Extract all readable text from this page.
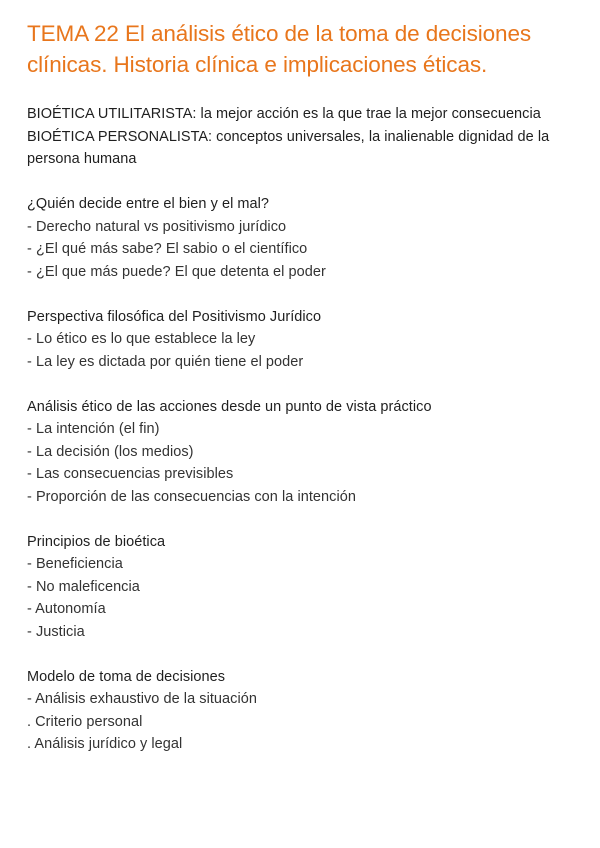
TEMA 22 El análisis ético de la toma de decisiones clínicas. Historia clínica e implicaciones éticas.

BIOÉTICA UTILITARISTA: la mejor acción es la que trae la mejor consecuencia

BIOÉTICA PERSONALISTA: conceptos universales, la inalienable dignidad de la persona humana

¿Quién decide entre el bien y el mal?

- Derecho natural vs positivismo jurídico

- ¿El qué más sabe? El sabio o el científico

- ¿El que más puede? El que detenta el poder

Perspectiva filosófica del Positivismo Jurídico

- Lo ético es lo que establece la ley

- La ley es dictada por quién tiene el poder

Análisis ético de las acciones desde un punto de vista práctico

- La intención (el fin)

- La decisión (los medios)

- Las consecuencias previsibles

- Proporción de las consecuencias con la intención

Principios de bioética

- Beneficiencia

- No maleficencia

- Autonomía

- Justicia

Modelo de toma de decisiones

- Análisis exhaustivo de la situación

. Criterio personal

. Análisis jurídico y legal
